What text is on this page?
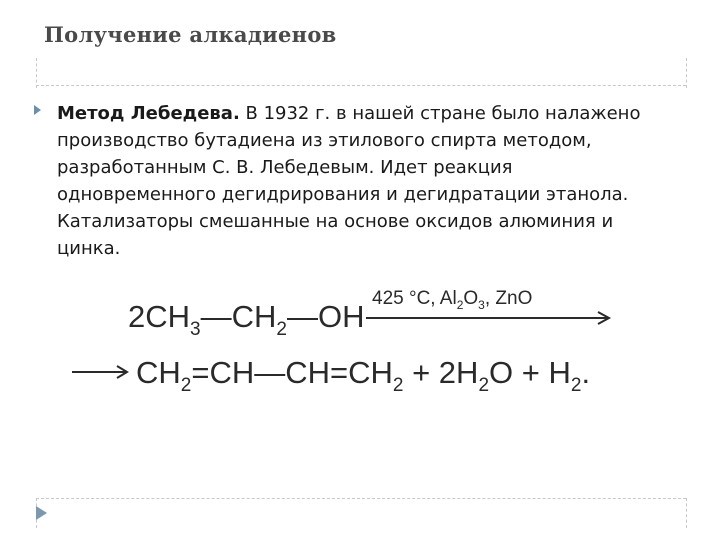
Получение алкадиенов
Метод Лебедева. В 1932 г. в нашей стране было налажено производство бутадиена из этилового спирта методом, разработанным С. В. Лебедевым. Идет реакция одновременного дегидрирования и дегидратации этанола. Катализаторы смешанные на основе оксидов алюминия и цинка.
$2CH_3—CH_2—OH$
425 °C, $Al_2O_3$, ZnO
$CH_2=CH—CH=CH_2 + 2H_2O + H_2$.
